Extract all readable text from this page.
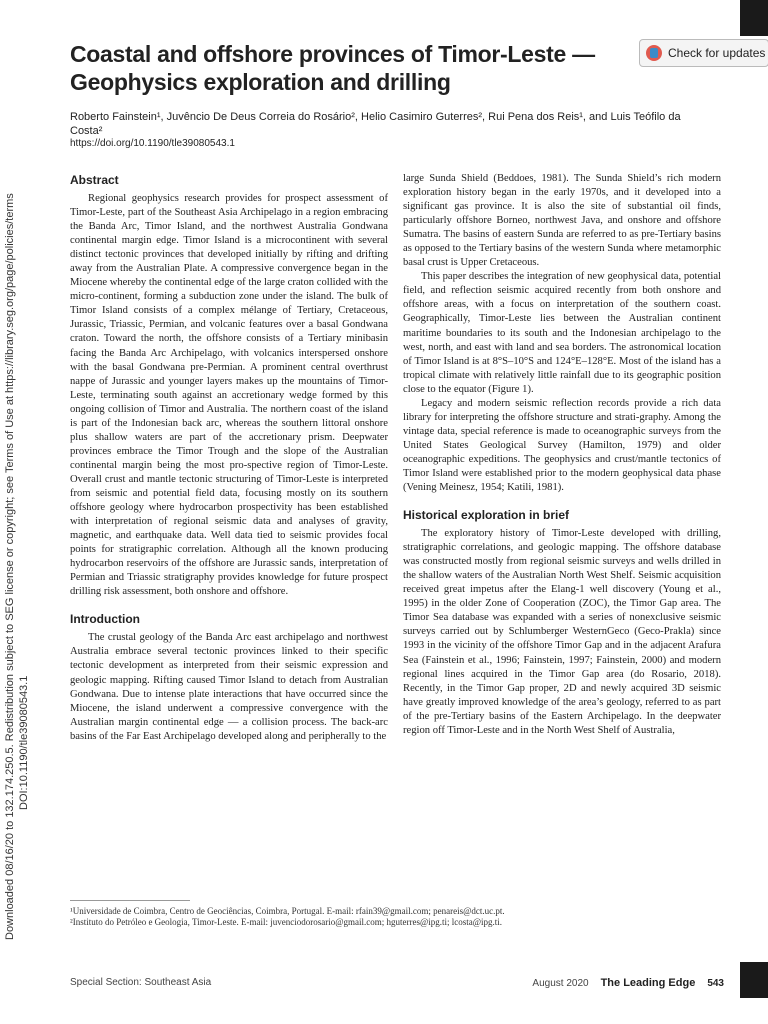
Downloaded 08/16/20 to 132.174.250.5. Redistribution subject to SEG license or copyright; see Terms of Use at https://library.seg.org/page/policies/terms DOI:10.1190/tle39080543.1
Coastal and offshore provinces of Timor-Leste — Geophysics exploration and drilling
Check for updates

Roberto Fainstein¹, Juvêncio De Deus Correia do Rosário², Helio Casimiro Guterres², Rui Pena dos Reis¹, and Luis Teófilo da Costa²

https://doi.org/10.1190/tle39080543.1

Abstract

Regional geophysics research provides for prospect assessment of Timor-Leste, part of the Southeast Asia Archipelago in a region embracing the Banda Arc, Timor Island, and the northwest Australia Gondwana continental margin edge. Timor Island is a microcontinent with several distinct tectonic provinces that developed initially by rifting and drifting away from the Australian Plate. A compressive convergence began in the Miocene whereby the continental edge of the large craton collided with the micro-continent, forming a subduction zone under the island. The bulk of Timor Island consists of a complex mélange of Tertiary, Cretaceous, Jurassic, Triassic, Permian, and volcanic features over a basal Gondwana craton. Toward the north, the offshore consists of a Tertiary minibasin facing the Banda Arc Archipelago, with volcanics interspersed onshore with the basal Gondwana pre-Permian. A prominent central overthrust nappe of Jurassic and younger layers makes up the mountains of Timor-Leste, terminating south against an accretionary wedge formed by this ongoing collision of Timor and Australia. The northern coast of the island is part of the Indonesian back arc, whereas the southern littoral onshore plus shallow waters are part of the accretionary prism. Deepwater provinces embrace the Timor Trough and the slope of the Australian continental margin being the most pro-spective region of Timor-Leste. Overall crust and mantle tectonic structuring of Timor-Leste is interpreted from seismic and potential field data, focusing mostly on its southern offshore geology where hydrocarbon prospectivity has been established with interpretation of regional seismic data and analyses of gravity, magnetic, and earthquake data. Well data tied to seismic provides focal points for stratigraphic correlation. Although all the known producing hydrocarbon reservoirs of the offshore are Jurassic sands, interpretation of Permian and Triassic stratigraphy provides knowledge for future prospect drilling risk assessment, both onshore and offshore.

Introduction

The crustal geology of the Banda Arc east archipelago and northwest Australia embrace several tectonic provinces linked to their specific tectonic development as interpreted from their seismic expression and geologic mapping. Rifting caused Timor Island to detach from Australian Gondwana. Due to intense plate interactions that have occurred since the Miocene, the island underwent a compressive convergence with the Australian margin continental edge — a collision process. The back-arc basins of the Far East Archipelago developed along and peripherally to the

large Sunda Shield (Beddoes, 1981). The Sunda Shield’s rich modern exploration history began in the early 1970s, and it developed into a significant gas province. It is also the site of substantial oil finds, particularly offshore Borneo, northwest Java, and onshore and offshore Sumatra. The basins of eastern Sunda are referred to as pre-Tertiary basins as opposed to the Tertiary basins of the western Sunda where metamorphic basal crust is Upper Cretaceous.

This paper describes the integration of new geophysical data, potential field, and reflection seismic acquired recently from both onshore and offshore areas, with a focus on interpretation of the southern coast. Geographically, Timor-Leste lies between the Australian continent maritime boundaries to its south and the Indonesian archipelago to the west, north, and east with land and sea borders. The astronomical location of Timor Island is at 8°S–10°S and 124°E–128°E. Most of the island has a tropical climate with relatively little rainfall due to its geographic position close to the equator (Figure 1).

Legacy and modern seismic reflection records provide a rich data library for interpreting the offshore structure and strati-graphy. Among the vintage data, special reference is made to oceanographic surveys from the United States Geological Survey (Hamilton, 1979) and older oceanographic expeditions. The geophysics and crust/mantle tectonics of Timor Island were established prior to the modern geophysical data phase (Vening Meinesz, 1954; Katili, 1981).

Historical exploration in brief

The exploratory history of Timor-Leste developed with drilling, stratigraphic correlations, and geologic mapping. The offshore database was constructed mostly from regional seismic surveys and wells drilled in the shallow waters of the Australian North West Shelf. Seismic acquisition received great impetus after the Elang-1 well discovery (Young et al., 1995) in the older Zone of Cooperation (ZOC), the Timor Gap area. The Timor Sea database was expanded with a series of nonexclusive seismic surveys carried out by Schlumberger WesternGeco (Geco-Prakla) since 1993 in the vicinity of the offshore Timor Gap and in the adjacent Arafura Sea (Fainstein et al., 1996; Fainstein, 1997; Fainstein, 2000) and modern regional lines acquired in the Timor Gap area (do Rosario, 2018). Recently, in the Timor Gap proper, 2D and newly acquired 3D seismic have greatly improved knowledge of the area’s geology, referred to as part of the pre-Tertiary basins of the Eastern Archipelago. In the deepwater region off Timor-Leste and in the North West Shelf of Australia,

¹Universidade de Coimbra, Centro de Geociências, Coimbra, Portugal. E-mail: rfain39@gmail.com; penareis@dct.uc.pt.
²Instituto do Petróleo e Geologia, Timor-Leste. E-mail: juvenciodorosario@gmail.com; hguterres@ipg.ti; lcosta@ipg.ti.
Special Section: Southeast Asia	August 2020 The Leading Edge 543
